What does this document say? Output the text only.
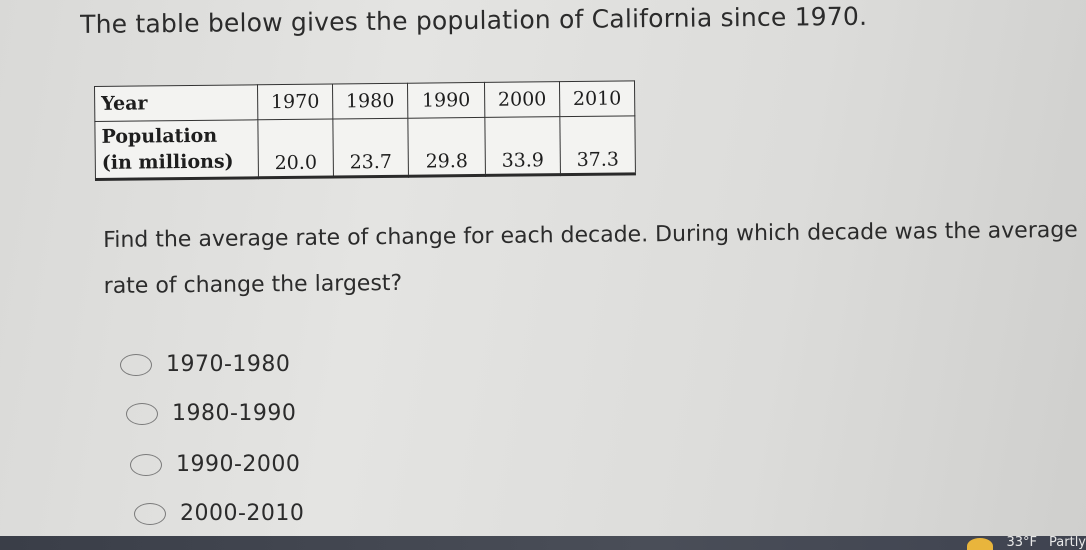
The table below gives the population of California since 1970.
Year	1970	1980	1990	2000	2010
Population
(in millions)	20.0	23.7	29.8	33.9	37.3
Find the average rate of change for each decade. During which decade was the average rate of change the largest?
1970-1980
1980-1990
1990-2000
2000-2010
33°F Partly
